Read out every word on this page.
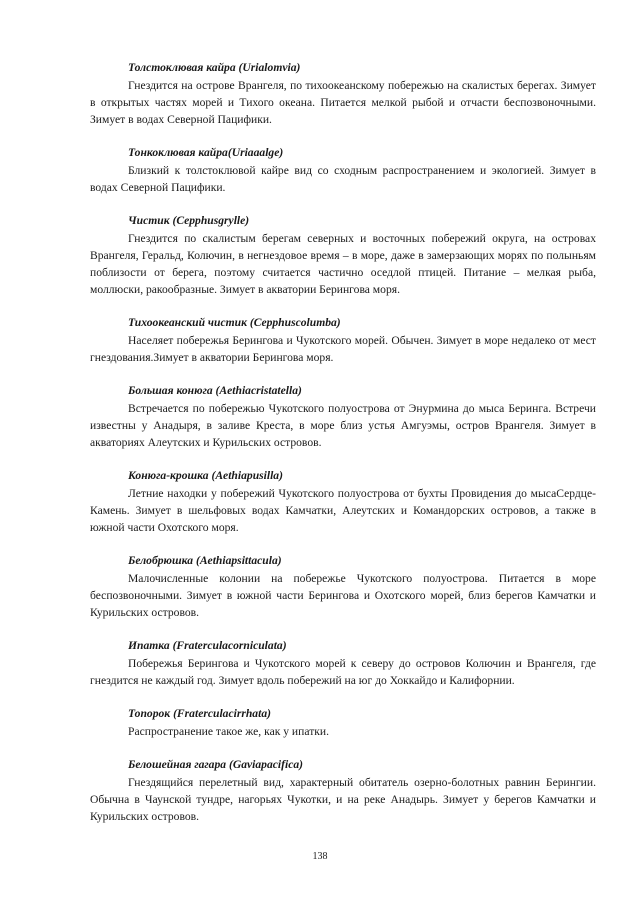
Толстоклювая кайра (Urialomvia)

Гнездится на острове Врангеля, по тихоокеанскому побережью на скалистых берегах. Зимует в открытых частях морей и Тихого океана. Питается мелкой рыбой и отчасти беспозвоночными. Зимует в водах Северной Пацифики.

Тонкоклювая кайра(Uriaaalge)

Близкий к толстоклювой кайре вид со сходным распространением и экологией. Зимует в водах Северной Пацифики.

Чистик (Cepphusgrylle)

Гнездится по скалистым берегам северных и восточных побережий округа, на островах Врангеля, Геральд, Колючин, в негнездовое время – в море, даже в замерзающих морях по полыньям поблизости от берега, поэтому считается частично оседлой птицей. Питание – мелкая рыба, моллюски, ракообразные. Зимует в акватории Берингова моря.

Тихоокеанский чистик (Cepphuscolumba)

Населяет побережья Берингова и Чукотского морей. Обычен. Зимует в море недалеко от мест гнездования.Зимует в акватории Берингова моря.

Большая конюга (Aethiacristatella)

Встречается по побережью Чукотского полуострова от Энурмина до мыса Беринга. Встречи известны у Анадыря, в заливе Креста, в море близ устья Амгуэмы, остров Врангеля. Зимует в акваториях Алеутских и Курильских островов.

Конюга-крошка (Aethiapusilla)

Летние находки у побережий Чукотского полуострова от бухты Провидения до мысаСердце-Камень. Зимует в шельфовых водах Камчатки, Алеутских и Командорских островов, а также в южной части Охотского моря.

Белобрюшка (Aethiapsittacula)

Малочисленные колонии на побережье Чукотского полуострова. Питается в море беспозвоночными. Зимует в южной части Берингова и Охотского морей, близ берегов Камчатки и Курильских островов.

Ипатка (Fraterculacorniculata)

Побережья Берингова и Чукотского морей к северу до островов Колючин и Врангеля, где гнездится не каждый год. Зимует вдоль побережий на юг до Хоккайдо и Калифорнии.

Топорок (Fraterculacirrhata)

Распространение такое же, как у ипатки.

Белошейная гагара (Gaviapacifica)

Гнездящийся перелетный вид, характерный обитатель озерно-болотных равнин Берингии. Обычна в Чаунской тундре, нагорьях Чукотки, и на реке Анадырь. Зимует у берегов Камчатки и Курильских островов.

138
